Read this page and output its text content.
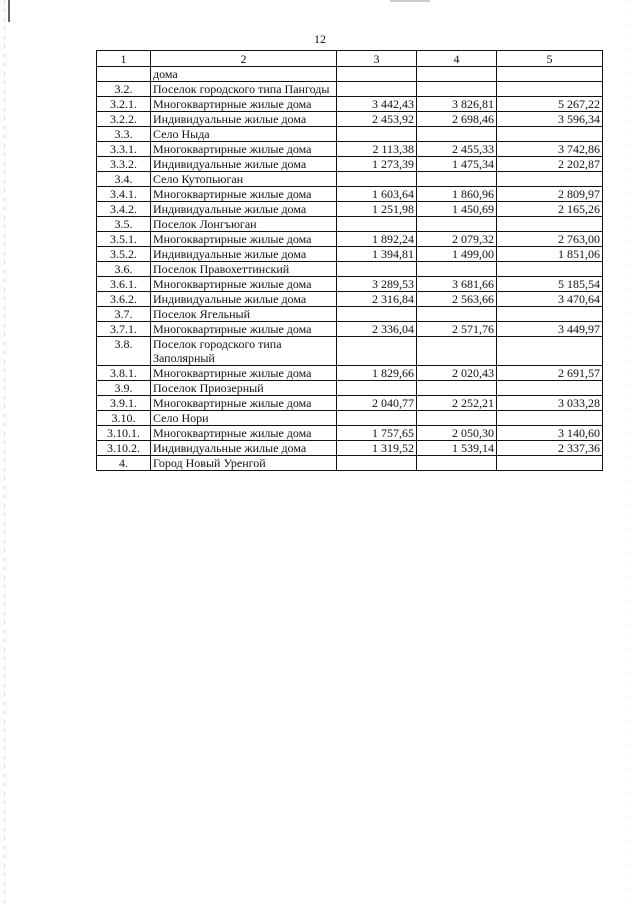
12
1	2	3	4	5
	дома			
3.2.	Поселок городского типа Пангоды			
3.2.1.	Многоквартирные жилые дома	3 442,43	3 826,81	5 267,22
3.2.2.	Индивидуальные жилые дома	2 453,92	2 698,46	3 596,34
3.3.	Село Ныда			
3.3.1.	Многоквартирные жилые дома	2 113,38	2 455,33	3 742,86
3.3.2.	Индивидуальные жилые дома	1 273,39	1 475,34	2 202,87
3.4.	Село Кутопьюган			
3.4.1.	Многоквартирные жилые дома	1 603,64	1 860,96	2 809,97
3.4.2.	Индивидуальные жилые дома	1 251,98	1 450,69	2 165,26
3.5.	Поселок Лонгъюган			
3.5.1.	Многоквартирные жилые дома	1 892,24	2 079,32	2 763,00
3.5.2.	Индивидуальные жилые дома	1 394,81	1 499,00	1 851,06
3.6.	Поселок Правохеттинский			
3.6.1.	Многоквартирные жилые дома	3 289,53	3 681,66	5 185,54
3.6.2.	Индивидуальные жилые дома	2 316,84	2 563,66	3 470,64
3.7.	Поселок Ягельный			
3.7.1.	Многоквартирные жилые дома	2 336,04	2 571,76	3 449,97
3.8.	Поселок городского типа Заполярный			
3.8.1.	Многоквартирные жилые дома	1 829,66	2 020,43	2 691,57
3.9.	Поселок Приозерный			
3.9.1.	Многоквартирные жилые дома	2 040,77	2 252,21	3 033,28
3.10.	Село Нори			
3.10.1.	Многоквартирные жилые дома	1 757,65	2 050,30	3 140,60
3.10.2.	Индивидуальные жилые дома	1 319,52	1 539,14	2 337,36
4.	Город Новый Уренгой			
